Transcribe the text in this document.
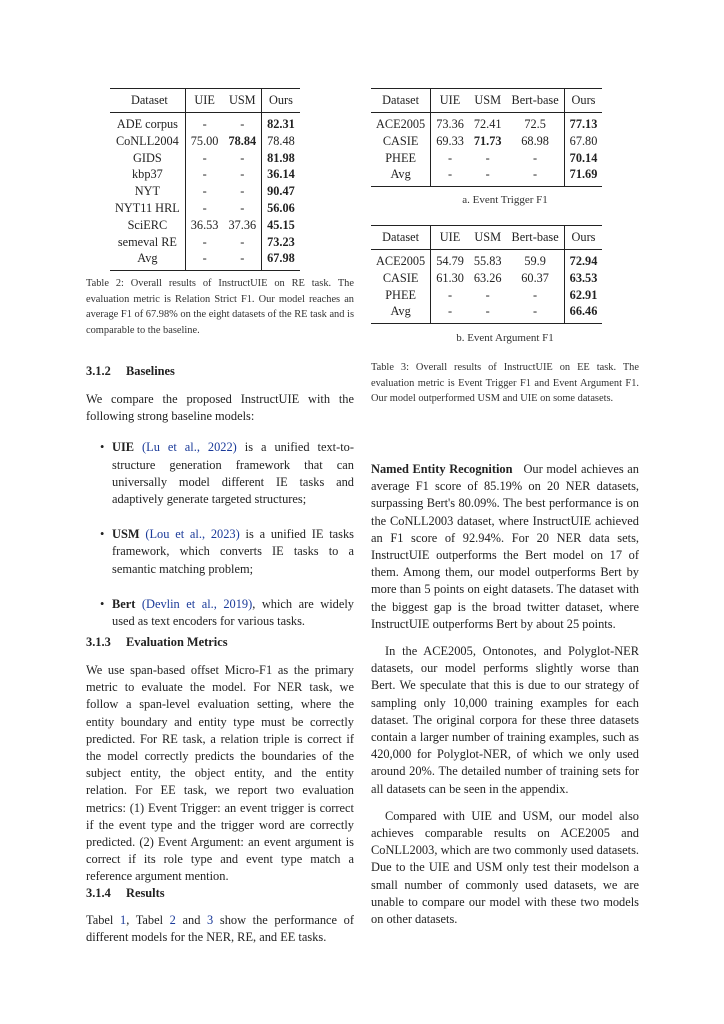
Dataset	UIE	USM	Ours
ADE corpus	-	-	82.31
CoNLL2004	75.00	78.84	78.48
GIDS	-	-	81.98
kbp37	-	-	36.14
NYT	-	-	90.47
NYT11 HRL	-	-	56.06
SciERC	36.53	37.36	45.15
semeval RE	-	-	73.23
Avg	-	-	67.98
Table 2: Overall results of InstructUIE on RE task. The evaluation metric is Relation Strict F1. Our model reaches an average F1 of 67.98% on the eight datasets of the RE task and is comparable to the baseline.
3.1.2 Baselines

We compare the proposed InstructUIE with the following strong baseline models:

• UIE (Lu et al., 2022) is a unified text-to-structure generation framework that can universally model different IE tasks and adaptively generate targeted structures;
• USM (Lou et al., 2023) is a unified IE tasks framework, which converts IE tasks to a semantic matching problem;
• Bert (Devlin et al., 2019), which are widely used as text encoders for various tasks.
3.1.3 Evaluation Metrics

We use span-based offset Micro-F1 as the primary metric to evaluate the model. For NER task, we follow a span-level evaluation setting, where the entity boundary and entity type must be correctly predicted. For RE task, a relation triple is correct if the model correctly predicts the boundaries of the subject entity, the object entity, and the entity relation. For EE task, we report two evaluation metrics: (1) Event Trigger: an event trigger is correct if the event type and the trigger word are correctly predicted. (2) Event Argument: an event argument is correct if its role type and event type match a reference argument mention.

3.1.4 Results

Tabel 1, Tabel 2 and 3 show the performance of different models for the NER, RE, and EE tasks.

Dataset	UIE	USM	Bert-base	Ours
ACE2005	73.36	72.41	72.5	77.13
CASIE	69.33	71.73	68.98	67.80
PHEE	-	-	-	70.14
Avg	-	-	-	71.69
a. Event Trigger F1
Dataset	UIE	USM	Bert-base	Ours
ACE2005	54.79	55.83	59.9	72.94
CASIE	61.30	63.26	60.37	63.53
PHEE	-	-	-	62.91
Avg	-	-	-	66.46
b. Event Argument F1
Table 3: Overall results of InstructUIE on EE task. The evaluation metric is Event Trigger F1 and Event Argument F1. Our model outperformed USM and UIE on some datasets.

Named Entity Recognition Our model achieves an average F1 score of 85.19% on 20 NER datasets, surpassing Bert's 80.09%. The best performance is on the CoNLL2003 dataset, where InstructUIE achieved an F1 score of 92.94%. For 20 NER data sets, InstructUIE outperforms the Bert model on 17 of them. Among them, our model outperforms Bert by more than 5 points on eight datasets. The dataset with the biggest gap is the broad twitter dataset, where InstructUIE outperforms Bert by about 25 points.

In the ACE2005, Ontonotes, and Polyglot-NER datasets, our model performs slightly worse than Bert. We speculate that this is due to our strategy of sampling only 10,000 training examples for each dataset. The original corpora for these three datasets contain a larger number of training examples, such as 420,000 for Polyglot-NER, of which we only used around 20%. The detailed number of training sets for all datasets can be seen in the appendix.

Compared with UIE and USM, our model also achieves comparable results on ACE2005 and CoNLL2003, which are two commonly used datasets. Due to the UIE and USM only test their modelson a small number of commonly used datasets, we are unable to compare our model with these two models on other datasets.
